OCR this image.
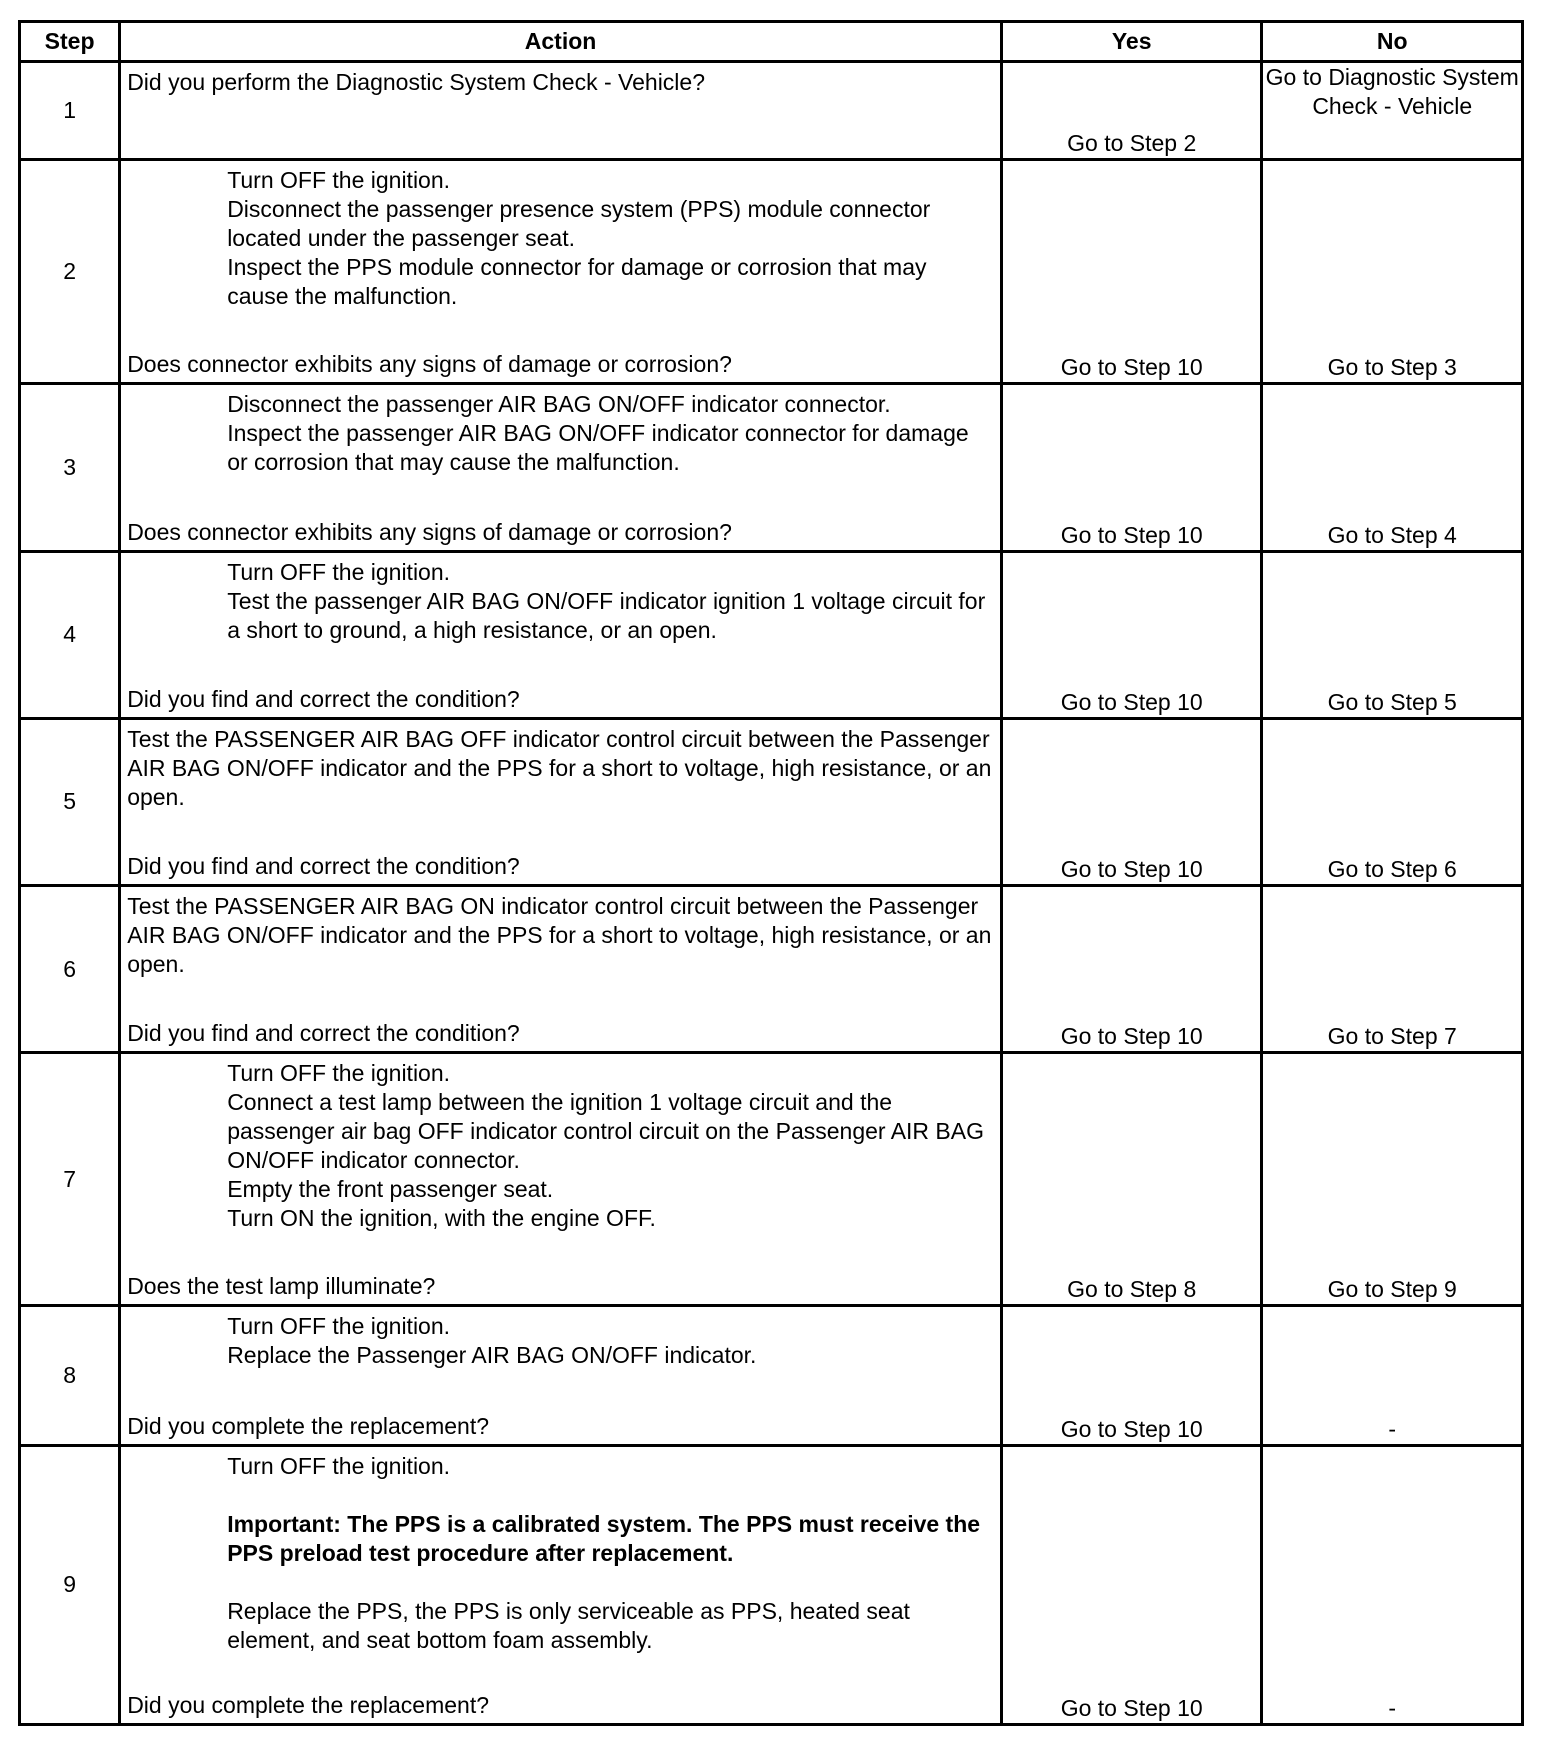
Step	Action	Yes	No
1	Did you perform the Diagnostic System Check - Vehicle?	Go to Step 2	Go to Diagnostic System Check - Vehicle
2	Turn OFF the ignition.
Disconnect the passenger presence system (PPS) module connector located under the passenger seat.
Inspect the PPS module connector for damage or corrosion that may cause the malfunction.
Does connector exhibits any signs of damage or corrosion?	Go to Step 10	Go to Step 3
3	Disconnect the passenger AIR BAG ON/OFF indicator connector.
Inspect the passenger AIR BAG ON/OFF indicator connector for damage or corrosion that may cause the malfunction.
Does connector exhibits any signs of damage or corrosion?	Go to Step 10	Go to Step 4
4	Turn OFF the ignition.
Test the passenger AIR BAG ON/OFF indicator ignition 1 voltage circuit for a short to ground, a high resistance, or an open.
Did you find and correct the condition?	Go to Step 10	Go to Step 5
5	Test the PASSENGER AIR BAG OFF indicator control circuit between the Passenger AIR BAG ON/OFF indicator and the PPS for a short to voltage, high resistance, or an open.
Did you find and correct the condition?	Go to Step 10	Go to Step 6
6	Test the PASSENGER AIR BAG ON indicator control circuit between the Passenger AIR BAG ON/OFF indicator and the PPS for a short to voltage, high resistance, or an open.
Did you find and correct the condition?	Go to Step 10	Go to Step 7
7	Turn OFF the ignition.
Connect a test lamp between the ignition 1 voltage circuit and the passenger air bag OFF indicator control circuit on the Passenger AIR BAG ON/OFF indicator connector.
Empty the front passenger seat.
Turn ON the ignition, with the engine OFF.
Does the test lamp illuminate?	Go to Step 8	Go to Step 9
8	Turn OFF the ignition.
Replace the Passenger AIR BAG ON/OFF indicator.
Did you complete the replacement?	Go to Step 10	-
9	Turn OFF the ignition.
Important: The PPS is a calibrated system. The PPS must receive the PPS preload test procedure after replacement.
Replace the PPS, the PPS is only serviceable as PPS, heated seat element, and seat bottom foam assembly.
Did you complete the replacement?	Go to Step 10	-
